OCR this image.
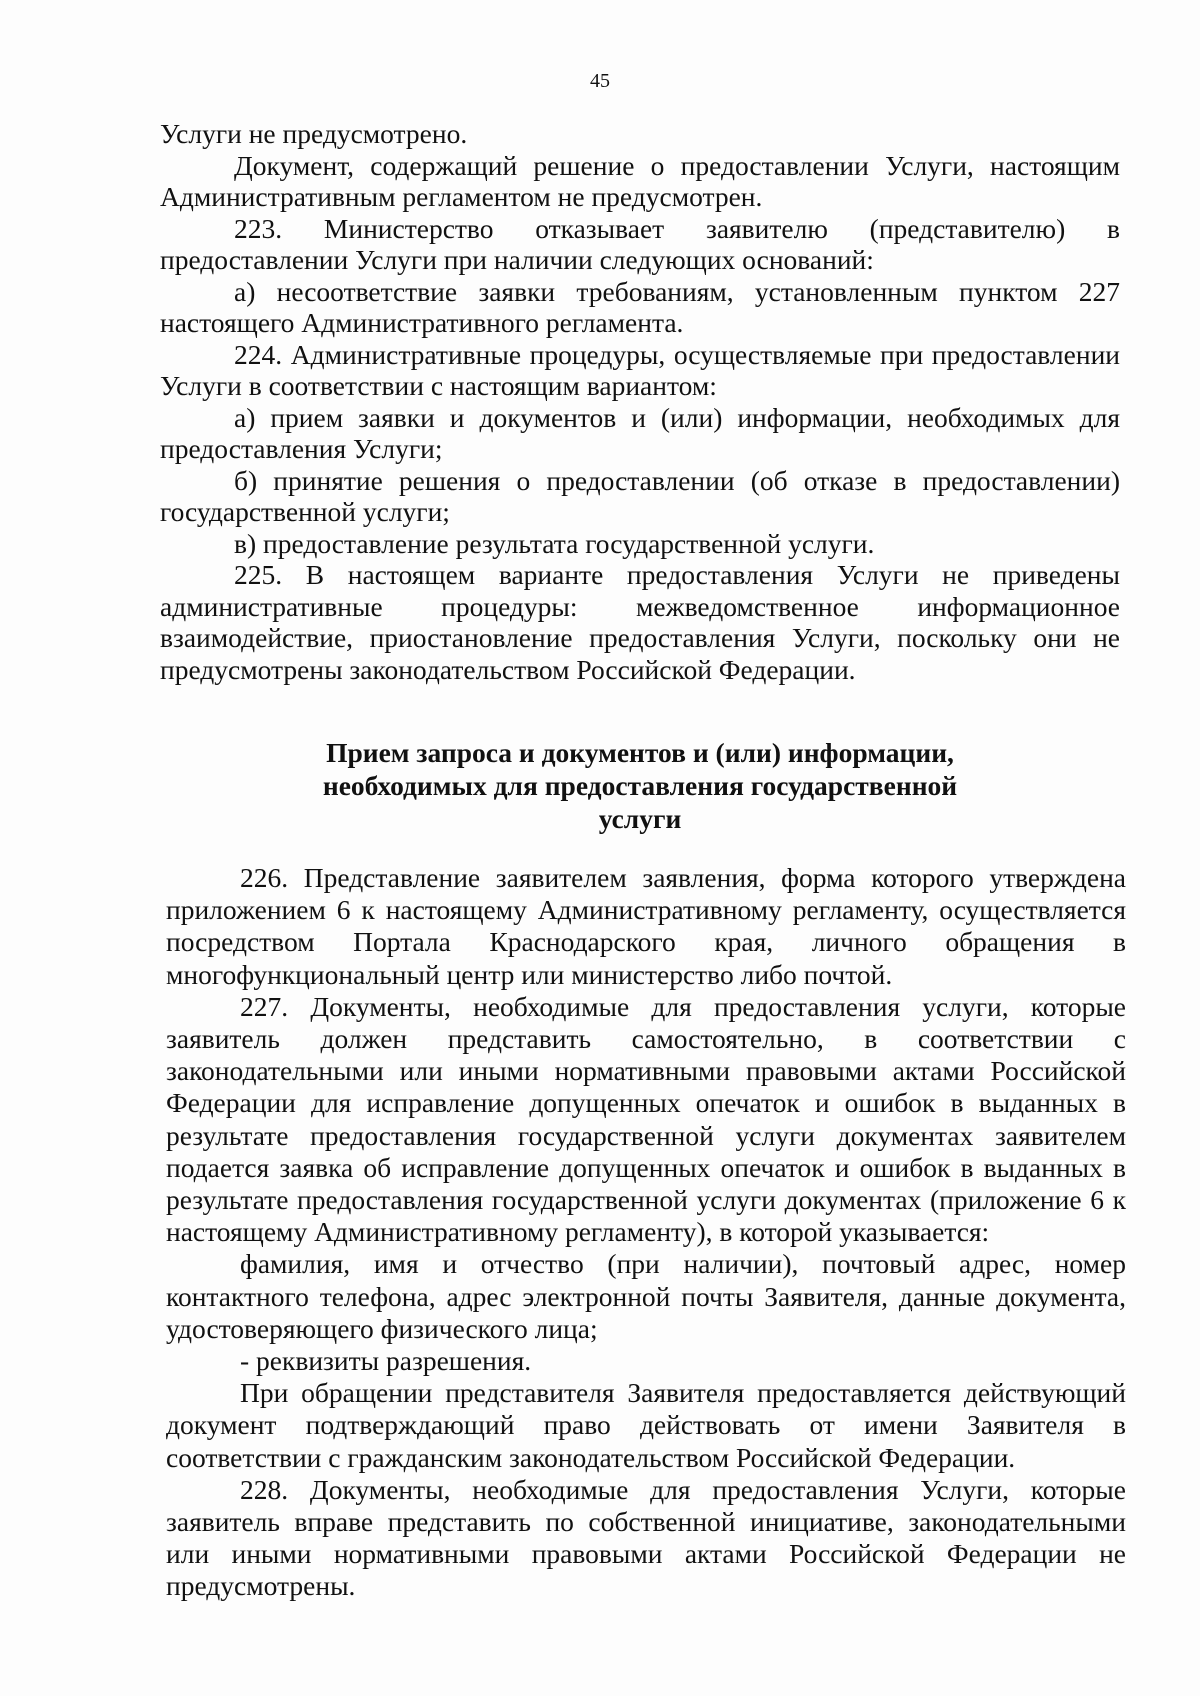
45

Услуги не предусмотрено.

Документ, содержащий решение о предоставлении Услуги, настоящим Административным регламентом не предусмотрен.

223. Министерство отказывает заявителю (представителю) в предоставлении Услуги при наличии следующих оснований:

а) несоответствие заявки требованиям, установленным пунктом 227 настоящего Административного регламента.

224. Административные процедуры, осуществляемые при предоставлении Услуги в соответствии с настоящим вариантом:

а) прием заявки и документов и (или) информации, необходимых для предоставления Услуги;

б) принятие решения о предоставлении (об отказе в предоставлении) государственной услуги;

в) предоставление результата государственной услуги.

225. В настоящем варианте предоставления Услуги не приведены административные процедуры: межведомственное информационное взаимодействие, приостановление предоставления Услуги, поскольку они не предусмотрены законодательством Российской Федерации.

Прием запроса и документов и (или) информации,
необходимых для предоставления государственной
услуги

226. Представление заявителем заявления, форма которого утверждена приложением 6 к настоящему Административному регламенту, осуществляется посредством Портала Краснодарского края, личного обращения в многофункциональный центр или министерство либо почтой.

227. Документы, необходимые для предоставления услуги, которые заявитель должен представить самостоятельно, в соответствии с законодательными или иными нормативными правовыми актами Российской Федерации для исправление допущенных опечаток и ошибок в выданных в результате предоставления государственной услуги документах заявителем подается заявка об исправление допущенных опечаток и ошибок в выданных в результате предоставления государственной услуги документах (приложение 6 к настоящему Административному регламенту), в которой указывается:

фамилия, имя и отчество (при наличии), почтовый адрес, номер контактного телефона, адрес электронной почты Заявителя, данные документа, удостоверяющего физического лица;

- реквизиты разрешения.

При обращении представителя Заявителя предоставляется действующий документ подтверждающий право действовать от имени Заявителя в соответствии с гражданским законодательством Российской Федерации.

228. Документы, необходимые для предоставления Услуги, которые заявитель вправе представить по собственной инициативе, законодательными или иными нормативными правовыми актами Российской Федерации не предусмотрены.
